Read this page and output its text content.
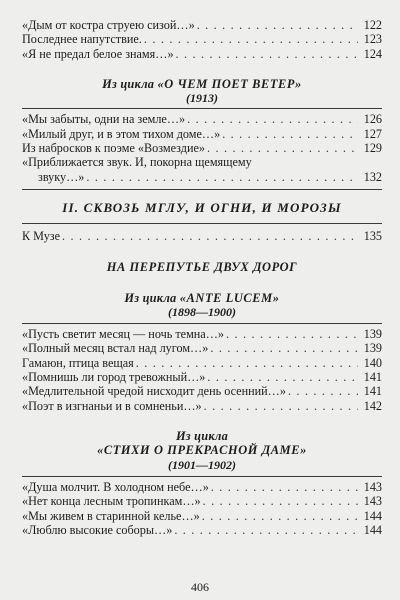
«Дым от костра струею сизой…» . . .	122
Последнее напутствие. . . .	123
«Я не предал белое знамя…» . . .	124
Из цикла «О ЧЕМ ПОЕТ ВЕТЕР»
(1913)
«Мы забыты, одни на земле…» . . .	126
«Милый друг, и в этом тихом доме…» . . .	127
Из набросков к поэме «Возмездие» . . .	129
«Приближается звук. И, покорна щемящему
звуку…» . . .	132
II. СКВОЗЬ МГЛУ, И ОГНИ, И МОРОЗЫ
К Музе . . .	135
НА ПЕРЕПУТЬЕ ДВУХ ДОРОГ
Из цикла «ANTE LUCEM»
(1898—1900)
«Пусть светит месяц — ночь темна…» . . .	139
«Полный месяц встал над лугом…» . . .	139
Гамаюн, птица вещая . . .	140
«Помнишь ли город тревожный…» . . .	141
«Медлительной чредой нисходит день осенний…» . . .	141
«Поэт в изгнаньи и в сомненьи…» . . .	142
Из цикла
«СТИХИ О ПРЕКРАСНОЙ ДАМЕ»
(1901—1902)
«Душа молчит. В холодном небе…» . . .	143
«Нет конца лесным тропинкам…» . . .	143
«Мы живем в старинной келье…» . . .	144
«Люблю высокие соборы…» . . .	144
406
